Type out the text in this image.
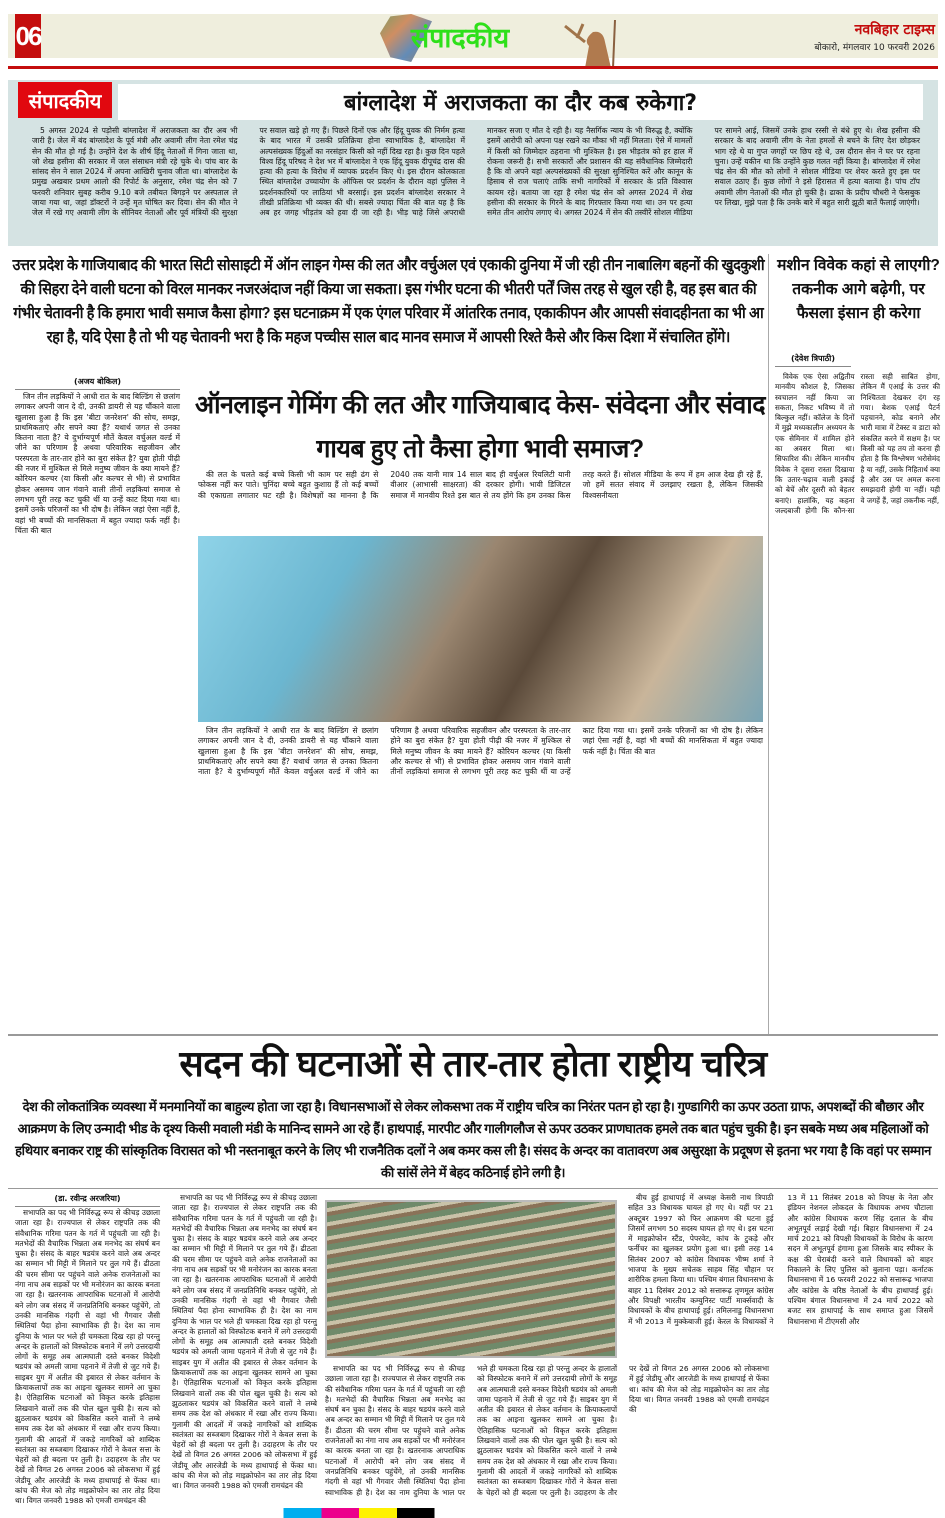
06	संपादकीय	नवबिहार टाइम्स
बोकारो, मंगलवार 10 फरवरी 2026
संपादकीय	बांग्लादेश में अराजकता का दौर कब रुकेगा?

5 अगस्त 2024 से पड़ोसी बांग्लादेश में अराजकता का दौर अब भी जारी है। जेल में बंद बांग्लादेश के पूर्व मंत्री और अवामी लीग नेता रमेश चंद्र सेन की मौत हो गई है। उन्होंने देश के शीर्ष हिंदू नेताओं में गिना जाता था, जो शेख हसीना की सरकार में जल संसाधन मंत्री रहे चुके थे। पांच बार के सांसद सेन ने साल 2024 में अपना आखिरी चुनाव जीता था। बांग्लादेश के प्रमुख अखबार प्रथम आलो की रिपोर्ट के अनुसार, रमेश चंद्र सेन को 7 फरवरी शनिवार सुबह करीब 9.10 बजे तबीयत बिगड़ने पर अस्पताल ले जाया गया था, जहां डॉक्टरों ने उन्हें मृत घोषित कर दिया। सेन की मौत ने जेल में रखे गए अवामी लीग के सीनियर नेताओं और पूर्व मंत्रियों की सुरक्षा पर सवाल खड़े हो गए हैं। पिछले दिनों एक और हिंदू युवक की निर्मम हत्या के बाद भारत में उसकी प्रतिक्रिया होना स्वाभाविक है, बांग्लादेश में अल्पसंख्यक हिंदुओं का नरसंहार किसी को नहीं दिख रहा है। कुछ दिन पहले विश्व हिंदू परिषद ने देश भर में बांग्लादेश ने एक हिंदू युवक दीपूचंद्र दास की हत्या की हत्या के विरोध में व्यापक प्रदर्शन किए थे। इस दौरान कोलकाता स्थित बांग्लादेश उच्चायोग के ऑफिस पर प्रदर्शन के दौरान वहां पुलिस ने प्रदर्शनकारियों पर लाठियां भी बरसाई। इस प्रदर्शन बांग्लादेश सरकार ने तीखी प्रतिक्रिया भी व्यक्त की थी। सबसे ज्यादा चिंता की बात यह है कि अब हर जगह भीड़तंत्र को हवा दी जा रही है। भीड़ चाहे जिसे अपराधी मानकर सजा ए मौत दे रही है। यह नैसर्गिक न्याय के भी विरुद्ध है, क्योंकि इसमें आरोपी को अपना पक्ष रखने का मौका भी नहीं मिलता। ऐसे में मामलों में किसी को जिम्मेदार ठहराना भी मुश्किल है। इस भीड़तंत्र को हर हाल में रोकना जरूरी है। सभी सरकारों और प्रशासन की यह संवैधानिक जिम्मेदारी है कि वो अपने यहां अल्पसंख्यकों की सुरक्षा सुनिश्चित करें और कानून के हिसाब से राज चलाएं ताकि सभी नागरिकों में सरकार के प्रति विश्वास कायम रहे। बताया जा रहा है रमेश चंद्र सेन को अगस्त 2024 में शेख हसीना की सरकार के गिरने के बाद गिरफ्तार किया गया था। उन पर हत्या समेत तीन आरोप लगाए थे। अगस्त 2024 में सेन की तस्वीरें सोशल मीडिया पर सामने आई, जिसमें उनके हाथ रस्सी से बंधे हुए थे। शेख हसीना की सरकार के बाद अवामी लीग के नेता हमलों से बचने के लिए देश छोड़कर भाग रहे थे या गुप्त जगहों पर छिप रहे थे, उस दौरान सेन ने घर पर रहना चुना। उन्हें यकीन था कि उन्होंने कुछ गलत नहीं किया है। बांग्लादेश में रमेश चंद्र सेन की मौत को लोगों ने सोशल मीडिया पर शेयर करते हुए इस पर सवाल उठाए हैं। कुछ लोगों ने इसे हिरासत में हत्या बताया है। पांच टॉप अवामी लीग नेताओं की मौत हो चुकी है। ढाका के प्रदीप चौधरी ने फेसबुक पर लिखा, मुझे पता है कि उनके बारे में बहुत सारी झूठी बातें फैलाई जाएंगी।

उत्तर प्रदेश के गाजियाबाद की भारत सिटी सोसाइटी में ऑन लाइन गेम्स की लत और वर्चुअल एवं एकाकी दुनिया में जी रही तीन नाबालिग बहनों की खुदकुशी की सिहरा देने वाली घटना को विरल मानकर नजरअंदाज नहीं किया जा सकता। इस गंभीर घटना की भीतरी पर्तें जिस तरह से खुल रही है, वह इस बात की गंभीर चेतावनी है कि हमारा भावी समाज कैसा होगा? इस घटनाक्रम में एक एंगल परिवार में आंतरिक तनाव, एकाकीपन और आपसी संवादहीनता का भी आ रहा है, यदि ऐसा है तो भी यह चेतावनी भरा है कि महज पच्चीस साल बाद मानव समाज में आपसी रिश्ते कैसे और किस दिशा में संचालित होंगे।
मशीन विवेक कहां से लाएगी? तकनीक आगे बढ़ेगी, पर फैसला इंसान ही करेगा
(देवेश त्रिपाठी)

विवेक एक ऐसा अद्वितीय मानवीय कौशल है, जिसका स्वचालन नहीं किया जा सकता, निकट भविष्य में तो बिल्कुल नहीं। कॉलेज के दिनों में मुझे मध्यकालीन अध्ययन के एक सेमिनार में शामिल होने का अवसर मिला था। सिफारिश की। लेकिन मानवीय विवेक ने दूसरा रास्ता दिखाया कि उतार-चढ़ाव वाली इकाई को बेचें और दूसरी को बेहतर बनाएं। हालांकि, यह कहना जल्दबाजी होगी कि कौन-सा रास्ता सही साबित होगा, लेकिन मैं एआई के उत्तर की निश्चितता देखकर दंग रह गया। बेशक एआई पैटर्न पहचानने, कोड बनाने और भारी मात्रा में टेक्स्ट व डाटा को संकलित करने में सक्षम है। पर किसी को यह तय तो करना ही होता है कि विश्लेषण भरोसेमंद है या नहीं, उसके निहितार्थ क्या है और उस पर अमल करना समझदारी होगी या नहीं। यही वे जगहें हैं, जहां तकनीक नहीं,

(अजय बोकिल)

जिन तीन लड़कियों ने आधी रात के बाद बिल्डिंग से छलांग लगाकर अपनी जान दे दी, उनकी डायरी से यह चौंकाने वाला खुलासा हुआ है कि इस 'बीटा जनरेशन' की सोच, समझ, प्राथमिकताएं और सपने क्या हैं? यथार्थ जगत से उनका कितना नाता है? ये दुर्भाग्यपूर्ण मौतें केवल वर्चुअल वर्ल्ड में जीने का परिणाम है अथवा परिवारिक सहजीवन और परस्परता के तार-तार होने का बुरा संकेत है? युवा होती पीढ़ी की नजर में मुश्किल से मिले मनुष्य जीवन के क्या मायने हैं? कोरियन कल्चर (या किसी और कल्चर से भी) से प्रभावित होकर असमय जान गंवाने वाली तीनों लड़कियां समाज से लगभग पूरी तरह कट चुकी थीं या उन्हें काट दिया गया था। इसमें उनके परिजनों का भी दोष है। लेकिन जहां ऐसा नहीं है, वहां भी बच्चों की मानसिकता में बहुत ज्यादा फर्क नहीं है। चिंता की बात

ऑनलाइन गेमिंग की लत और गाजियाबाद केस- संवेदना और संवाद गायब हुए तो कैसा होगा भावी समाज?

की लत के चलते कई बच्चे किसी भी काम पर सही ढंग से फोकस नहीं कर पाते। चुनिंदा बच्चे बहुत कुशाग्र हैं तो कई बच्चों की एकाग्रता लगातार घट रही है। विशेषज्ञों का मानना है कि 2040 तक यानी मात्र 14 साल बाद ही वर्चुअल रियलिटी यानी वीआर (आभासी साक्षरता) की दरकार होगी। भावी डिजिटल समाज में मानवीय रिश्ते इस बात से तय होंगे कि हम उनका किस तरह करते हैं। सोशल मीडिया के रूप में हम आज देख ही रहे हैं, जो हमें सतत संवाद में उलझाए रखता है, लेकिन जिसकी विश्वसनीयता

जिन तीन लड़कियों ने आधी रात के बाद बिल्डिंग से छलांग लगाकर अपनी जान दे दी, उनकी डायरी से यह चौंकाने वाला खुलासा हुआ है कि इस 'बीटा जनरेशन' की सोच, समझ, प्राथमिकताएं और सपने क्या हैं? यथार्थ जगत से उनका कितना नाता है? ये दुर्भाग्यपूर्ण मौतें केवल वर्चुअल वर्ल्ड में जीने का परिणाम है अथवा परिवारिक सहजीवन और परस्परता के तार-तार होने का बुरा संकेत है? युवा होती पीढ़ी की नजर में मुश्किल से मिले मनुष्य जीवन के क्या मायने हैं? कोरियन कल्चर (या किसी और कल्चर से भी) से प्रभावित होकर असमय जान गंवाने वाली तीनों लड़कियां समाज से लगभग पूरी तरह कट चुकी थीं या उन्हें काट दिया गया था। इसमें उनके परिजनों का भी दोष है। लेकिन जहां ऐसा नहीं है, वहां भी बच्चों की मानसिकता में बहुत ज्यादा फर्क नहीं है। चिंता की बात

सदन की घटनाओं से तार-तार होता राष्ट्रीय चरित्र
देश की लोकतांत्रिक व्यवस्था में मनमानियों का बाहुल्य होता जा रहा है। विधानसभाओं से लेकर लोकसभा तक में राष्ट्रीय चरित्र का निरंतर पतन हो रहा है। गुण्डागिरी का ऊपर उठता ग्राफ, अपशब्दों की बौछार और आक्रमण के लिए उन्मादी भीड के दृश्य किसी मवाली मंडी के मानिन्द सामने आ रहे हैं। हाथपाई, मारपीट और गालीगलौज से ऊपर उठकर प्राणघातक हमले तक बात पहुंच चुकी है। इन सबके मध्य अब महिलाओं को हथियार बनाकर राष्ट्र की सांस्कृतिक विरासत को भी नस्तनाबूत करने के लिए भी राजनैतिक दलों ने अब कमर कस ली है। संसद के अन्दर का वातावरण अब असुरक्षा के प्रदूषण से इतना भर गया है कि वहां पर सम्मान की सांसें लेने में बेहद कठिनाई होने लगी है।
(डा. रवीन्द्र अरजरिया)

सभापति का पद भी निर्विरुद्ध रूप से कीचड़ उछाला जाता रहा है। राज्यपाल से लेकर राष्ट्रपति तक की संवैधानिक गरिमा पतन के गर्त में पहुंचती जा रही है। मतभेदों की वैचारिक भिन्नता अब मनभेद का संघर्ष बन चुका है। संसद के बाहर षडयंत्र करने वाले अब अन्दर का सम्मान भी मिट्टी में मिलाने पर तुल गये हैं। ढीठता की चरम सीमा पर पहुंचने वाले अनेक राजनेताओं का नंगा नाच अब सड़कों पर भी मनोरंजन का कारक बनता जा रहा है। खतरनाक आपराधिक घटनाओं में आरोपी बने लोग जब संसद में जनप्रतिनिधि बनकर पहुंचेंगे, तो उनकी मानसिक गंदगी से वहां भी गैगवार जैसी स्थितियां पैदा होना स्वाभाविक ही है। देश का नाम दुनिया के भाल पर भले ही चमकता दिख रहा हो परन्तु अन्दर के हालातों को विस्फोटक बनाने में लगे उत्तरदायी लोगों के समूह अब आत्मघाती दस्ते बनकर विदेशी षडयंत्र को अमली जामा पहनाने में तेजी से जुट गये हैं। साइबर युग में अतीत की इबारत से लेकर वर्तमान के क्रियाकलापों तक का आइना खुलकर सामने आ चुका है। ऐतिहासिक घटनाओं को विकृत करके इतिहास लिखवाने वालों तक की पोल खुल चुकी है। सत्य को झुठलाकर षडयंत्र को विकसित करने वालों ने लम्बे समय तक देश को अंधकार में रखा और राज्य किया। गुलामी की आदतों में जकड़े नागरिकों को शाब्दिक स्वतंत्रता का सब्जबाग दिखाकर गोरों ने केवल सत्ता के चेहरों को ही बदला पर तुली है। उदाहरण के तौर पर देखें तो विगत 26 अगस्त 2006 को लोकसभा में हुई जेडीयू और आरजेडी के मध्य हाथापाई से फेंका था। कांच की मेज को तोड़ माइक्रोफोन का तार तोड़ दिया था। विगत जनवरी 1988 को एमजी रामचंद्रन की

सभापति का पद भी निर्विरुद्ध रूप से कीचड़ उछाला जाता रहा है। राज्यपाल से लेकर राष्ट्रपति तक की संवैधानिक गरिमा पतन के गर्त में पहुंचती जा रही है। मतभेदों की वैचारिक भिन्नता अब मनभेद का संघर्ष बन चुका है। संसद के बाहर षडयंत्र करने वाले अब अन्दर का सम्मान भी मिट्टी में मिलाने पर तुल गये हैं। ढीठता की चरम सीमा पर पहुंचने वाले अनेक राजनेताओं का नंगा नाच अब सड़कों पर भी मनोरंजन का कारक बनता जा रहा है। खतरनाक आपराधिक घटनाओं में आरोपी बने लोग जब संसद में जनप्रतिनिधि बनकर पहुंचेंगे, तो उनकी मानसिक गंदगी से वहां भी गैगवार जैसी स्थितियां पैदा होना स्वाभाविक ही है। देश का नाम दुनिया के भाल पर भले ही चमकता दिख रहा हो परन्तु अन्दर के हालातों को विस्फोटक बनाने में लगे उत्तरदायी लोगों के समूह अब आत्मघाती दस्ते बनकर विदेशी षडयंत्र को अमली जामा पहनाने में तेजी से जुट गये हैं। साइबर युग में अतीत की इबारत से लेकर वर्तमान के क्रियाकलापों तक का आइना खुलकर सामने आ चुका है। ऐतिहासिक घटनाओं को विकृत करके इतिहास लिखवाने वालों तक की पोल खुल चुकी है। सत्य को झुठलाकर षडयंत्र को विकसित करने वालों ने लम्बे समय तक देश को अंधकार में रखा और राज्य किया। गुलामी की आदतों में जकड़े नागरिकों को शाब्दिक स्वतंत्रता का सब्जबाग दिखाकर गोरों ने केवल सत्ता के चेहरों को ही बदला पर तुली है। उदाहरण के तौर पर देखें तो विगत 26 अगस्त 2006 को लोकसभा में हुई जेडीयू और आरजेडी के मध्य हाथापाई से फेंका था। कांच की मेज को तोड़ माइक्रोफोन का तार तोड़ दिया था। विगत जनवरी 1988 को एमजी रामचंद्रन की

सभापति का पद भी निर्विरुद्ध रूप से कीचड़ उछाला जाता रहा है। राज्यपाल से लेकर राष्ट्रपति तक की संवैधानिक गरिमा पतन के गर्त में पहुंचती जा रही है। मतभेदों की वैचारिक भिन्नता अब मनभेद का संघर्ष बन चुका है। संसद के बाहर षडयंत्र करने वाले अब अन्दर का सम्मान भी मिट्टी में मिलाने पर तुल गये हैं। ढीठता की चरम सीमा पर पहुंचने वाले अनेक राजनेताओं का नंगा नाच अब सड़कों पर भी मनोरंजन का कारक बनता जा रहा है। खतरनाक आपराधिक घटनाओं में आरोपी बने लोग जब संसद में जनप्रतिनिधि बनकर पहुंचेंगे, तो उनकी मानसिक गंदगी से वहां भी गैगवार जैसी स्थितियां पैदा होना स्वाभाविक ही है। देश का नाम दुनिया के भाल पर भले ही चमकता दिख रहा हो परन्तु अन्दर के हालातों को विस्फोटक बनाने में लगे उत्तरदायी लोगों के समूह अब आत्मघाती दस्ते बनकर विदेशी षडयंत्र को अमली जामा पहनाने में तेजी से जुट गये हैं। साइबर युग में अतीत की इबारत से लेकर वर्तमान के क्रियाकलापों तक का आइना खुलकर सामने आ चुका है। ऐतिहासिक घटनाओं को विकृत करके इतिहास लिखवाने वालों तक की पोल खुल चुकी है। सत्य को झुठलाकर षडयंत्र को विकसित करने वालों ने लम्बे समय तक देश को अंधकार में रखा और राज्य किया। गुलामी की आदतों में जकड़े नागरिकों को शाब्दिक स्वतंत्रता का सब्जबाग दिखाकर गोरों ने केवल सत्ता के चेहरों को ही बदला पर तुली है। उदाहरण के तौर पर देखें तो विगत 26 अगस्त 2006 को लोकसभा में हुई जेडीयू और आरजेडी के मध्य हाथापाई से फेंका था। कांच की मेज को तोड़ माइक्रोफोन का तार तोड़ दिया था। विगत जनवरी 1988 को एमजी रामचंद्रन की

बीच हुई हाथापाई में अध्यक्ष केसरी नाथ त्रिपाठी सहित 33 विधायक घायल हो गए थे। यहीं पर 21 अक्टूबर 1997 को फिर आक्रमण की घटना हुई जिसमें लगभग 50 सदस्य घायल हो गए थे। इस घटना में माइक्रोफोन स्टैंड, पेपरवेट, कांच के टुकड़े और फर्नीचर का खुलकर प्रयोग हुआ था। इसी तरह 14 सितंबर 2007 को कांग्रेस विधायक भीष्म शर्मा ने भाजपा के मुख्य सचेतक साहब सिंह चौहान पर शारीरिक हमला किया था। पश्चिम बंगाल विधानसभा के बाहर 11 दिसंबर 2012 को सत्तारूढ़ तृणमूल कांग्रेस और विपक्षी भारतीय कम्युनिस्ट पार्टी मार्क्सवादी के विधायकों के बीच हाथापाई हुई। तमिलनाडु विधानसभा में भी 2013 में मुक्केबाजी हुई। केरल के विधायकों ने 13 में 11 सितंबर 2018 को विपक्ष के नेता और इंडियन नेशनल लोकदल के विधायक अभय चौटाला और कांग्रेस विधायक करण सिंह दलाल के बीच अभूतपूर्व लड़ाई देखी गई। बिहार विधानसभा में 24 मार्च 2021 को विपक्षी विधायकों के विरोध के कारण सदन में अभूतपूर्व हंगामा हुआ जिसके बाद स्पीकर के कक्ष की घेराबंदी करने वाले विधायकों को बाहर निकालने के लिए पुलिस को बुलाना पड़ा। कर्नाटक विधानसभा में 16 फरवरी 2022 को सत्तारूढ़ भाजपा और कांग्रेस के वरिष्ठ नेताओं के बीच हाथापाई हुई। पश्चिम बंगाल विधानसभा में 24 मार्च 2022 को बजट सत्र हाथापाई के साथ समाप्त हुआ जिसमें विधानसभा में टीएमसी और
